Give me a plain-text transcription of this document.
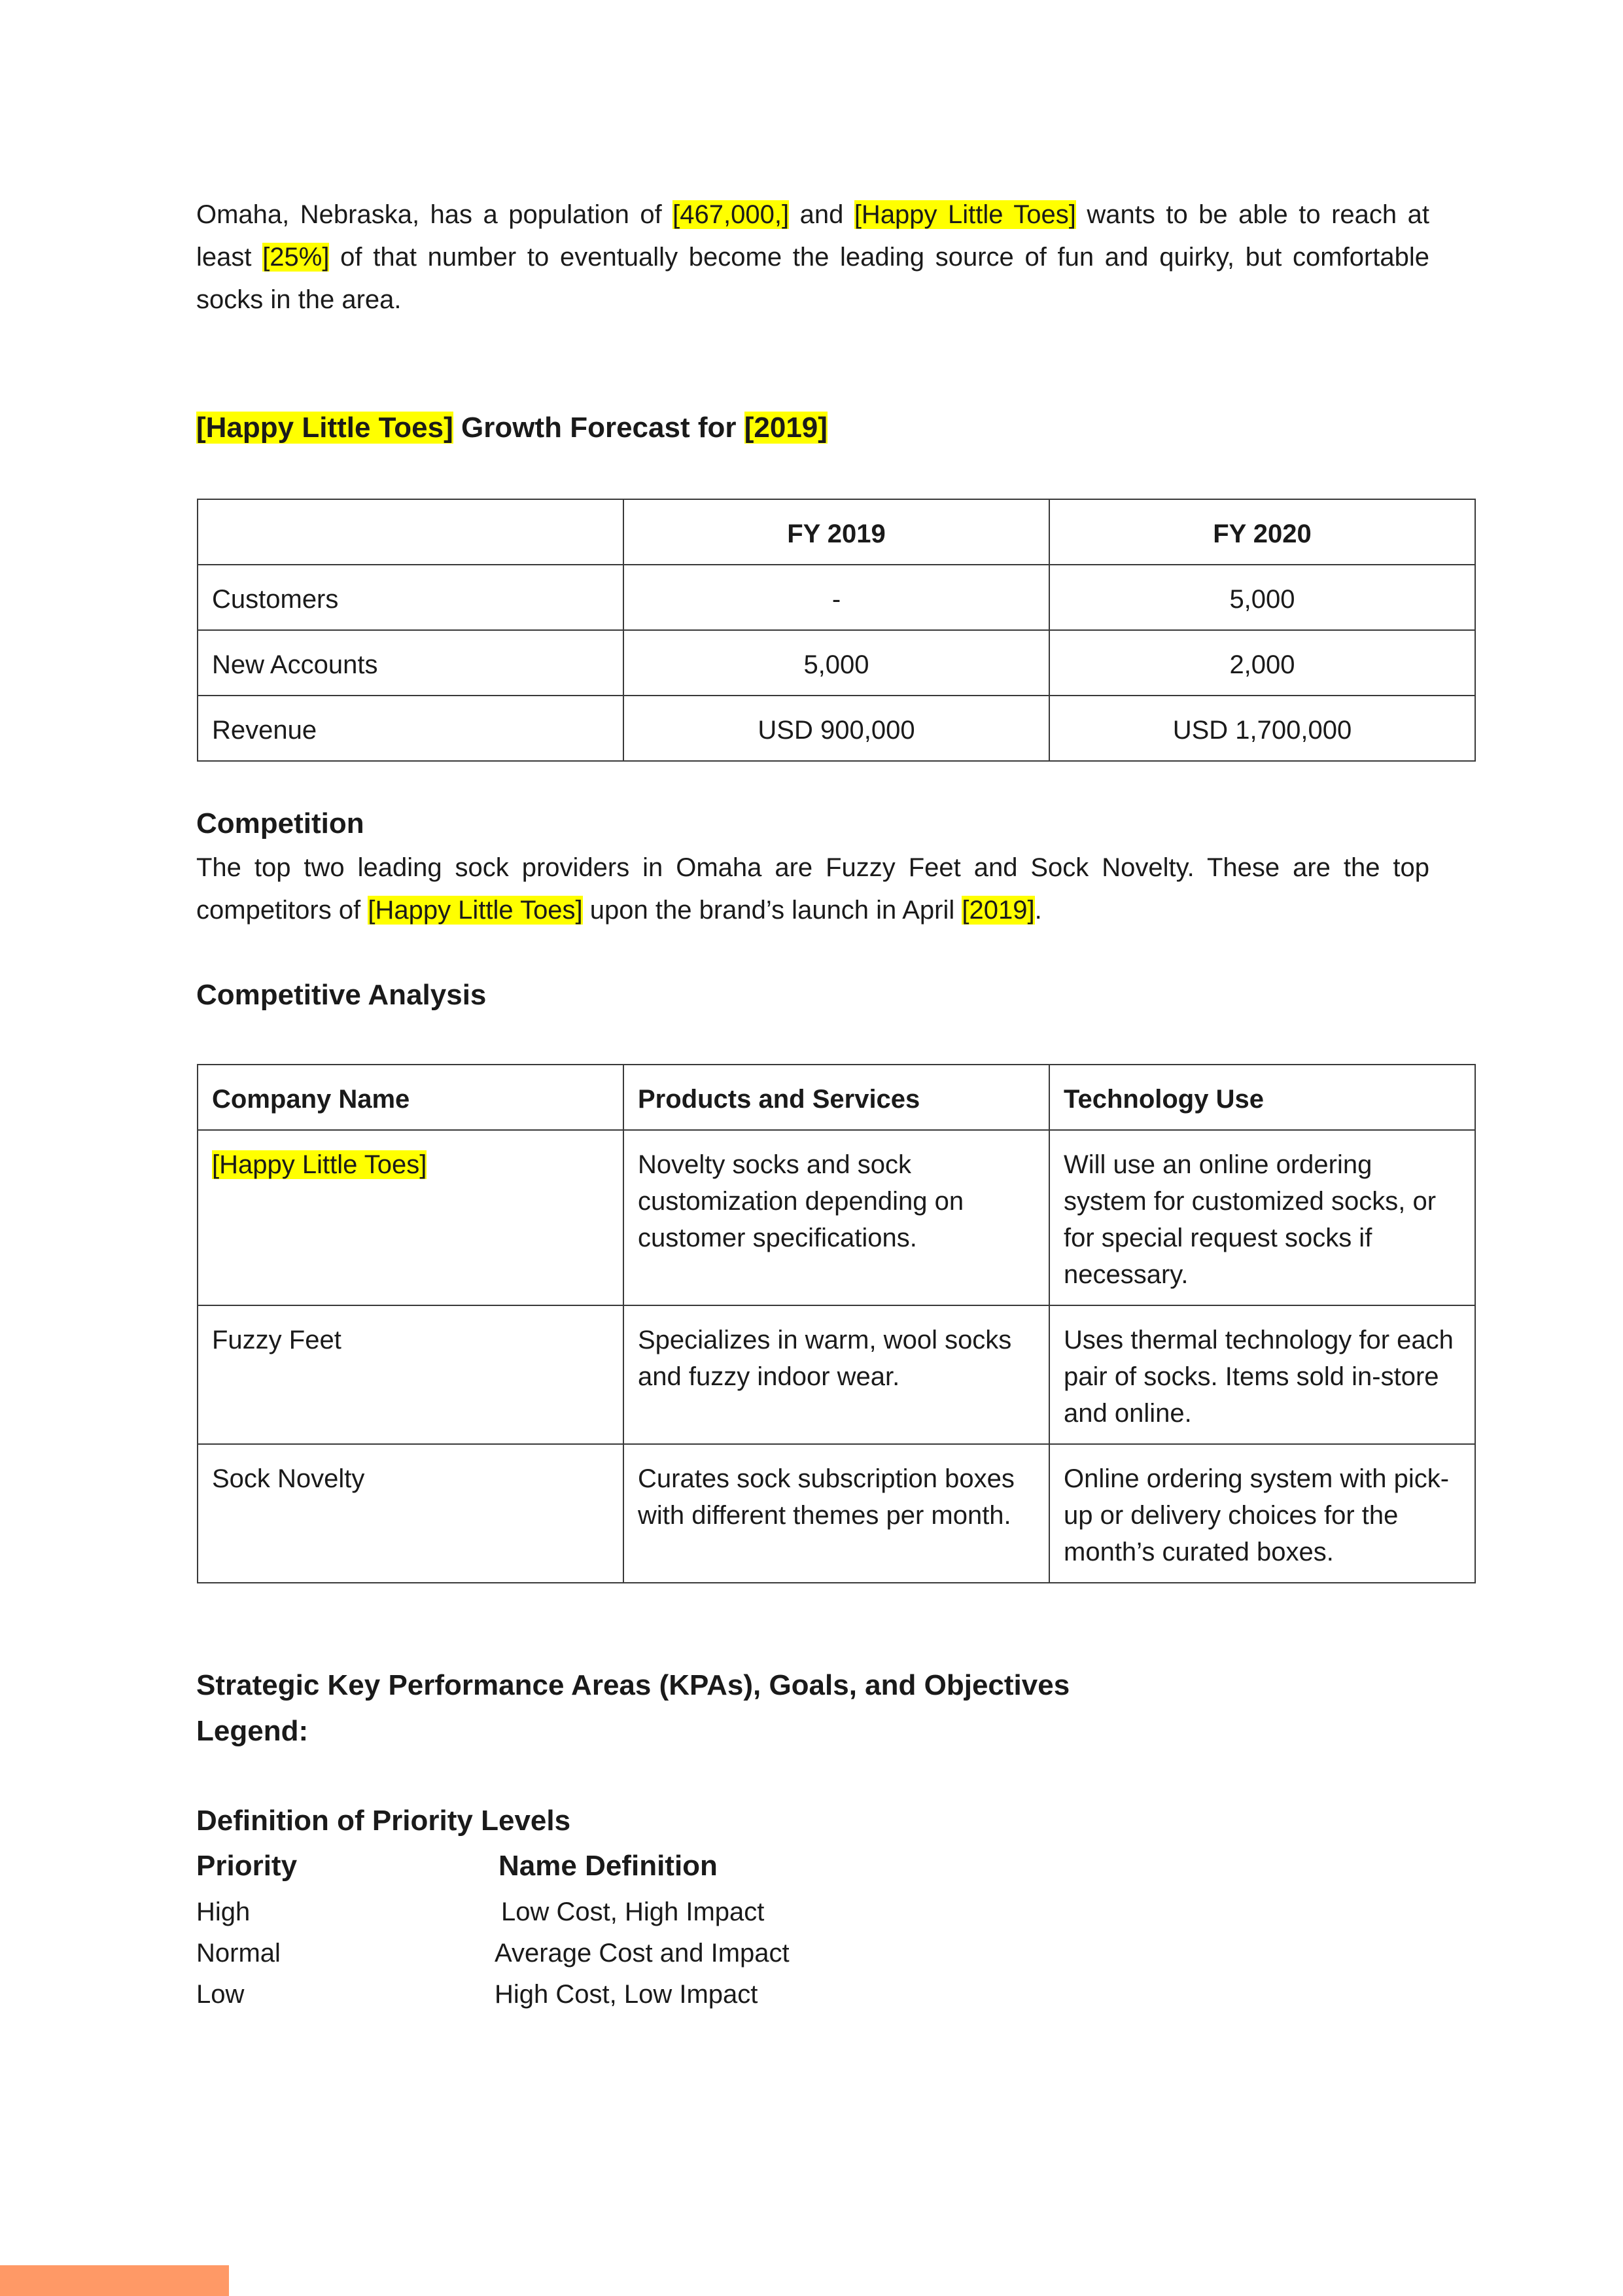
Omaha, Nebraska, has a population of [467,000,] and [Happy Little Toes] wants to be able to reach at least [25%] of that number to eventually become the leading source of fun and quirky, but comfortable socks in the area.

[Happy Little Toes] Growth Forecast for [2019]
	FY 2019	FY 2020
Customers	-	5,000
New Accounts	5,000	2,000
Revenue	USD 900,000	USD 1,700,000
Competition

The top two leading sock providers in Omaha are Fuzzy Feet and Sock Novelty. These are the top competitors of [Happy Little Toes] upon the brand’s launch in April [2019].

Competitive Analysis
Company Name	Products and Services	Technology Use
[Happy Little Toes]	Novelty socks and sock customization depending on customer specifications.	Will use an online ordering system for customized socks, or for special request socks if necessary.
Fuzzy Feet	Specializes in warm, wool socks and fuzzy indoor wear.	Uses thermal technology for each pair of socks. Items sold in-store and online.
Sock Novelty	Curates sock subscription boxes with different themes per month.	Online ordering system with pick-up or delivery choices for the month’s curated boxes.
Strategic Key Performance Areas (KPAs), Goals, and Objectives
Legend:
Definition of Priority Levels
Priority	Name Definition
High	Low Cost, High Impact
Normal	Average Cost and Impact
Low	High Cost, Low Impact
